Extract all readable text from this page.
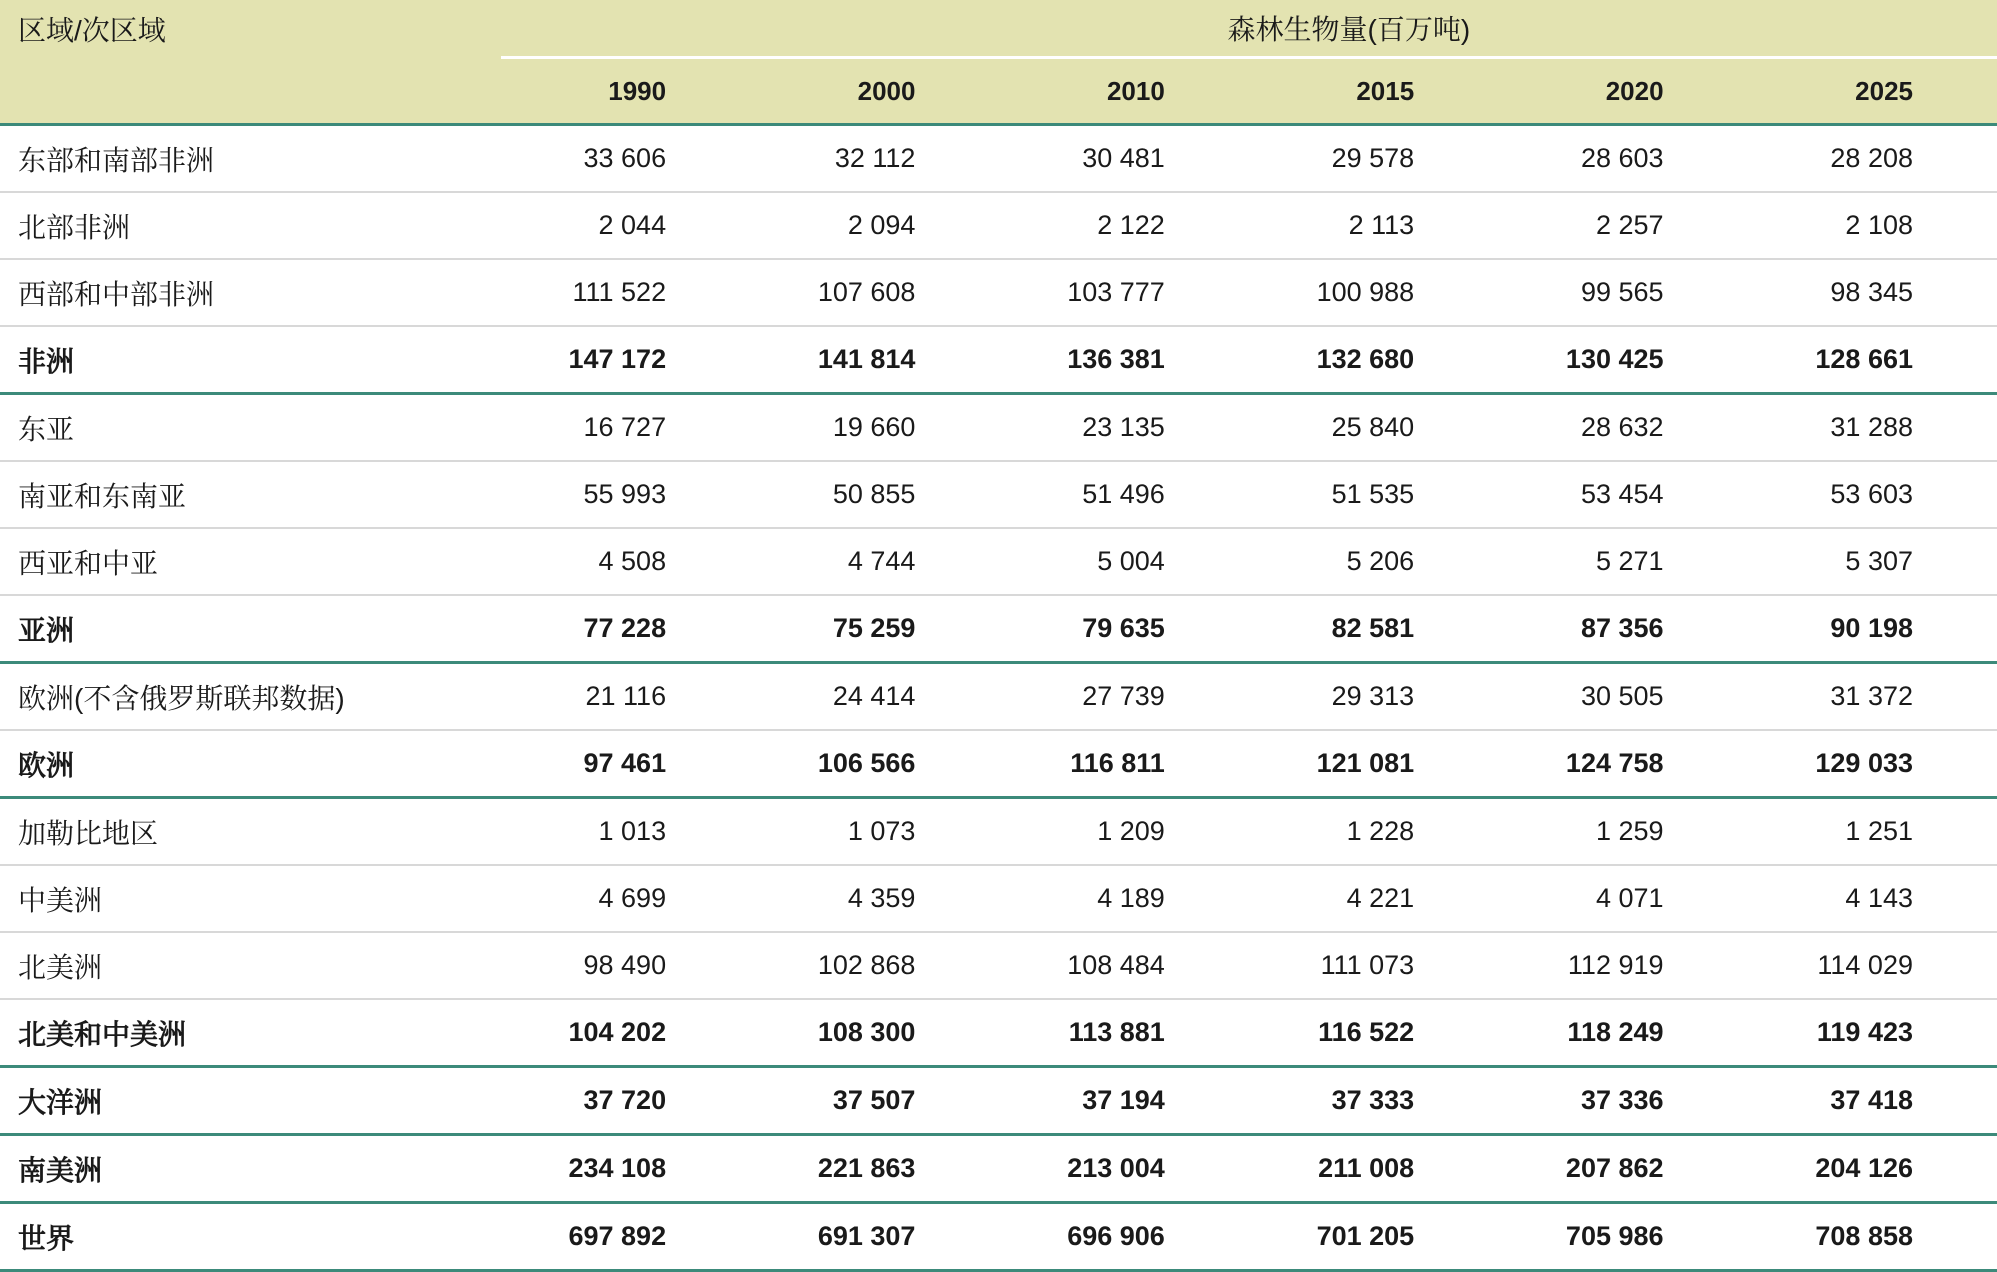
区域/次区域	森林生物量(百万吨)					
	1990	2000	2010	2015	2020	2025
东部和南部非洲	33 606	32 112	30 481	29 578	28 603	28 208
北部非洲	2 044	2 094	2 122	2 113	2 257	2 108
西部和中部非洲	111 522	107 608	103 777	100 988	99 565	98 345
非洲	147 172	141 814	136 381	132 680	130 425	128 661
东亚	16 727	19 660	23 135	25 840	28 632	31 288
南亚和东南亚	55 993	50 855	51 496	51 535	53 454	53 603
西亚和中亚	4 508	4 744	5 004	5 206	5 271	5 307
亚洲	77 228	75 259	79 635	82 581	87 356	90 198
欧洲(不含俄罗斯联邦数据)	21 116	24 414	27 739	29 313	30 505	31 372
欧洲	97 461	106 566	116 811	121 081	124 758	129 033
加勒比地区	1 013	1 073	1 209	1 228	1 259	1 251
中美洲	4 699	4 359	4 189	4 221	4 071	4 143
北美洲	98 490	102 868	108 484	111 073	112 919	114 029
北美和中美洲	104 202	108 300	113 881	116 522	118 249	119 423
大洋洲	37 720	37 507	37 194	37 333	37 336	37 418
南美洲	234 108	221 863	213 004	211 008	207 862	204 126
世界	697 892	691 307	696 906	701 205	705 986	708 858
